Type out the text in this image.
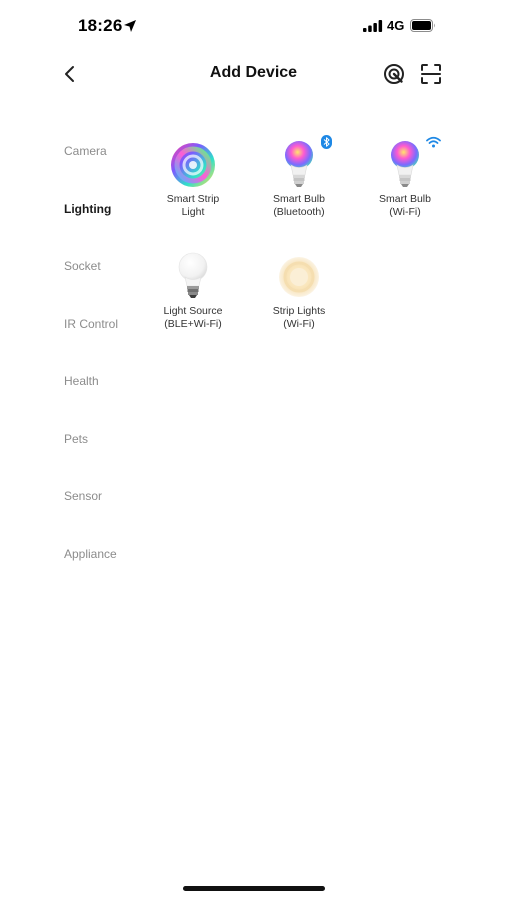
18:26	4G
Add Device
Camera
Lighting
Socket
IR Control
Health
Pets
Sensor
Appliance
Smart Strip
Light
Smart Bulb
(Bluetooth)
Smart Bulb
(Wi-Fi)
Light Source
(BLE+Wi-Fi)
Strip Lights
(Wi-Fi)
